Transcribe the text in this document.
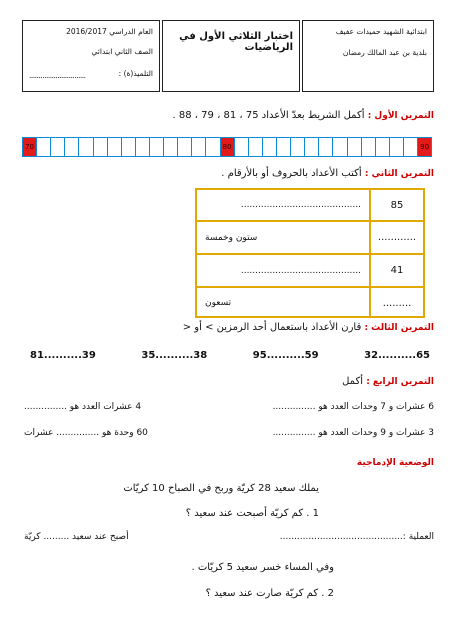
العام الدراسي 2016/2017
الصف الثاني ابتدائي
التلميذ(ة) :
..............................
اختبار الثلاثي الأول في الرياضيات
ابتدائية الشهيد حميدات عفيف
بلدية بن عبد المالك رمضان
التمرين الأول : أكمل الشريط بعدّ الأعداد 75 ، 81 ، 79 ، 88 .
70	80	90
التمرين الثاني : أكتب الأعداد بالحروف أو بالأرقام .
..........................................	85
ستون وخمسة	............
..........................................	41
تسعون	.........
التمرين الثالث : قارن الأعداد باستعمال أحد الرمزين > أو <
81..........39	35..........38	95..........59	32..........65
التمرين الرابع : أكمل
6 عشرات و 7 وحدات العدد هو ...............
4 عشرات العدد هو ...............
3 عشرات و 9 وحدات العدد هو ...............
60 وحدة هو ............... عشرات
الوضعية الإدماجية
يملك سعيد 28 كريّة وربح في الصباح 10 كريّات
1 . كم كريّة أصبحت عند سعيد ؟
العملية :...........................................
أصبح عند سعيد ......... كريّة
وفي المساء خسر سعيد 5 كريّات .
2 . كم كريّة صارت عند سعيد ؟
